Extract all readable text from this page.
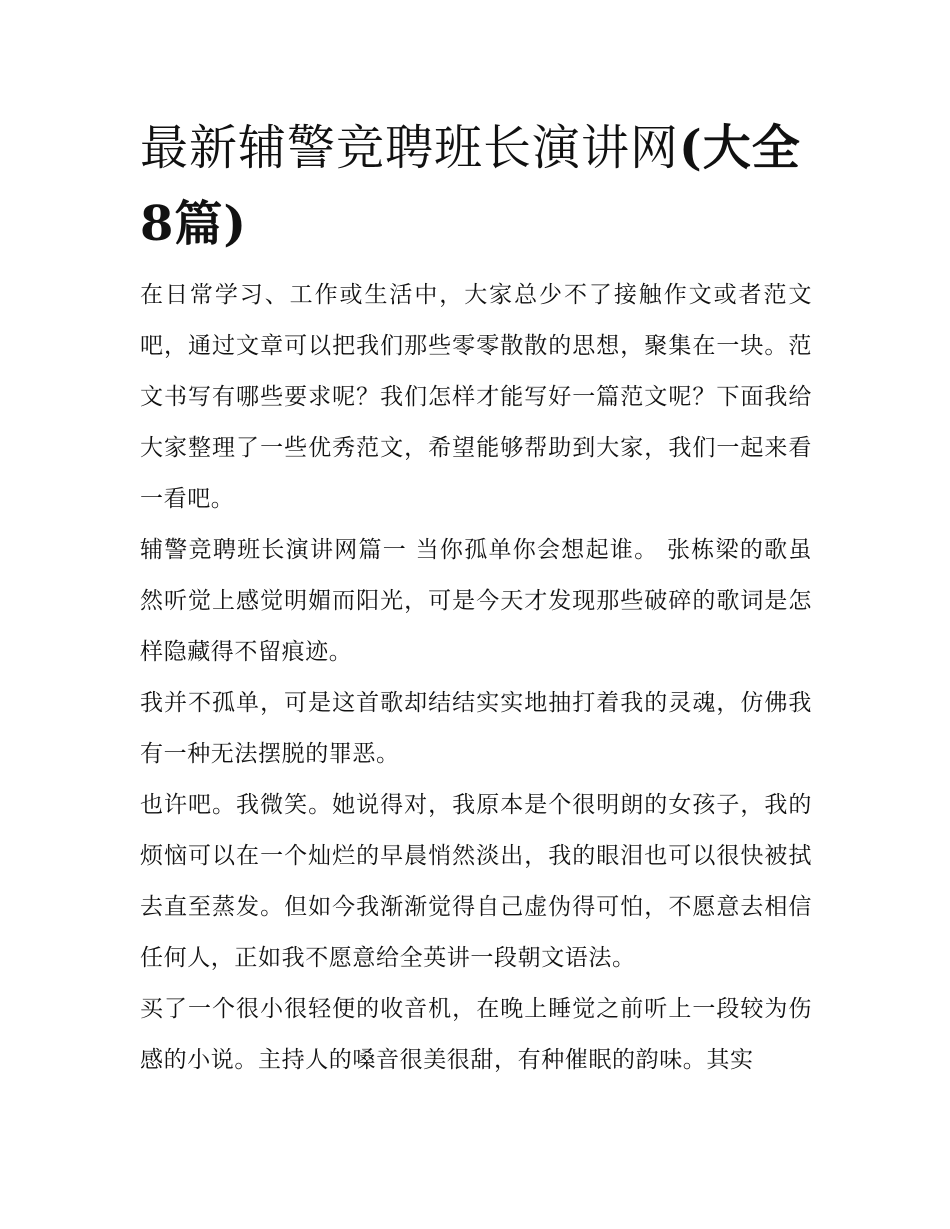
最新辅警竞聘班长演讲网(大全8篇)

在日常学习、工作或生活中，大家总少不了接触作文或者范文吧，通过文章可以把我们那些零零散散的思想，聚集在一块。范文书写有哪些要求呢？我们怎样才能写好一篇范文呢？下面我给大家整理了一些优秀范文，希望能够帮助到大家，我们一起来看一看吧。

辅警竞聘班长演讲网篇一 当你孤单你会想起谁。 张栋梁的歌虽然听觉上感觉明媚而阳光，可是今天才发现那些破碎的歌词是怎样隐藏得不留痕迹。

我并不孤单，可是这首歌却结结实实地抽打着我的灵魂，仿佛我有一种无法摆脱的罪恶。

也许吧。我微笑。她说得对，我原本是个很明朗的女孩子，我的烦恼可以在一个灿烂的早晨悄然淡出，我的眼泪也可以很快被拭去直至蒸发。但如今我渐渐觉得自己虚伪得可怕，不愿意去相信任何人，正如我不愿意给全英讲一段朝文语法。

买了一个很小很轻便的收音机，在晚上睡觉之前听上一段较为伤感的小说。主持人的嗓音很美很甜，有种催眠的韵味。其实
